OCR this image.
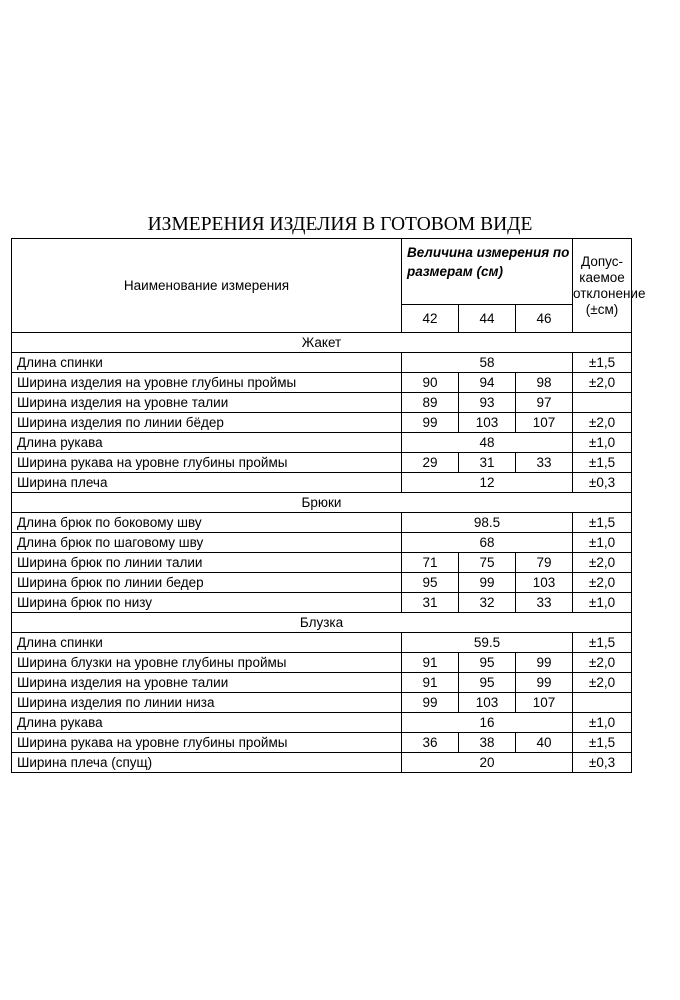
ИЗМЕРЕНИЯ ИЗДЕЛИЯ В ГОТОВОМ ВИДЕ
Наименование измерения	Величина измерения по размерам (см)			Допус-
каемое
отклонение
(±см)

	42	44	46	
Жакет				
Длина спинки	58			±1,5
Ширина изделия на уровне глубины проймы	90	94	98	±2,0
Ширина изделия на уровне талии	89	93	97	
Ширина изделия по линии бёдер	99	103	107	±2,0
Длина рукава	48			±1,0
Ширина рукава на уровне глубины проймы	29	31	33	±1,5
Ширина плеча	12			±0,3
Брюки				
Длина брюк по боковому шву	98.5			±1,5
Длина брюк по шаговому шву	68			±1,0
Ширина брюк по линии талии	71	75	79	±2,0
Ширина брюк по линии бедер	95	99	103	±2,0
Ширина брюк по низу	31	32	33	±1,0
Блузка				
Длина спинки	59.5			±1,5
Ширина блузки на уровне глубины проймы	91	95	99	±2,0
Ширина изделия на уровне талии	91	95	99	±2,0
Ширина изделия по линии низа	99	103	107	
Длина рукава	16			±1,0
Ширина рукава на уровне глубины проймы	36	38	40	±1,5
Ширина плеча (спущ)	20			±0,3
